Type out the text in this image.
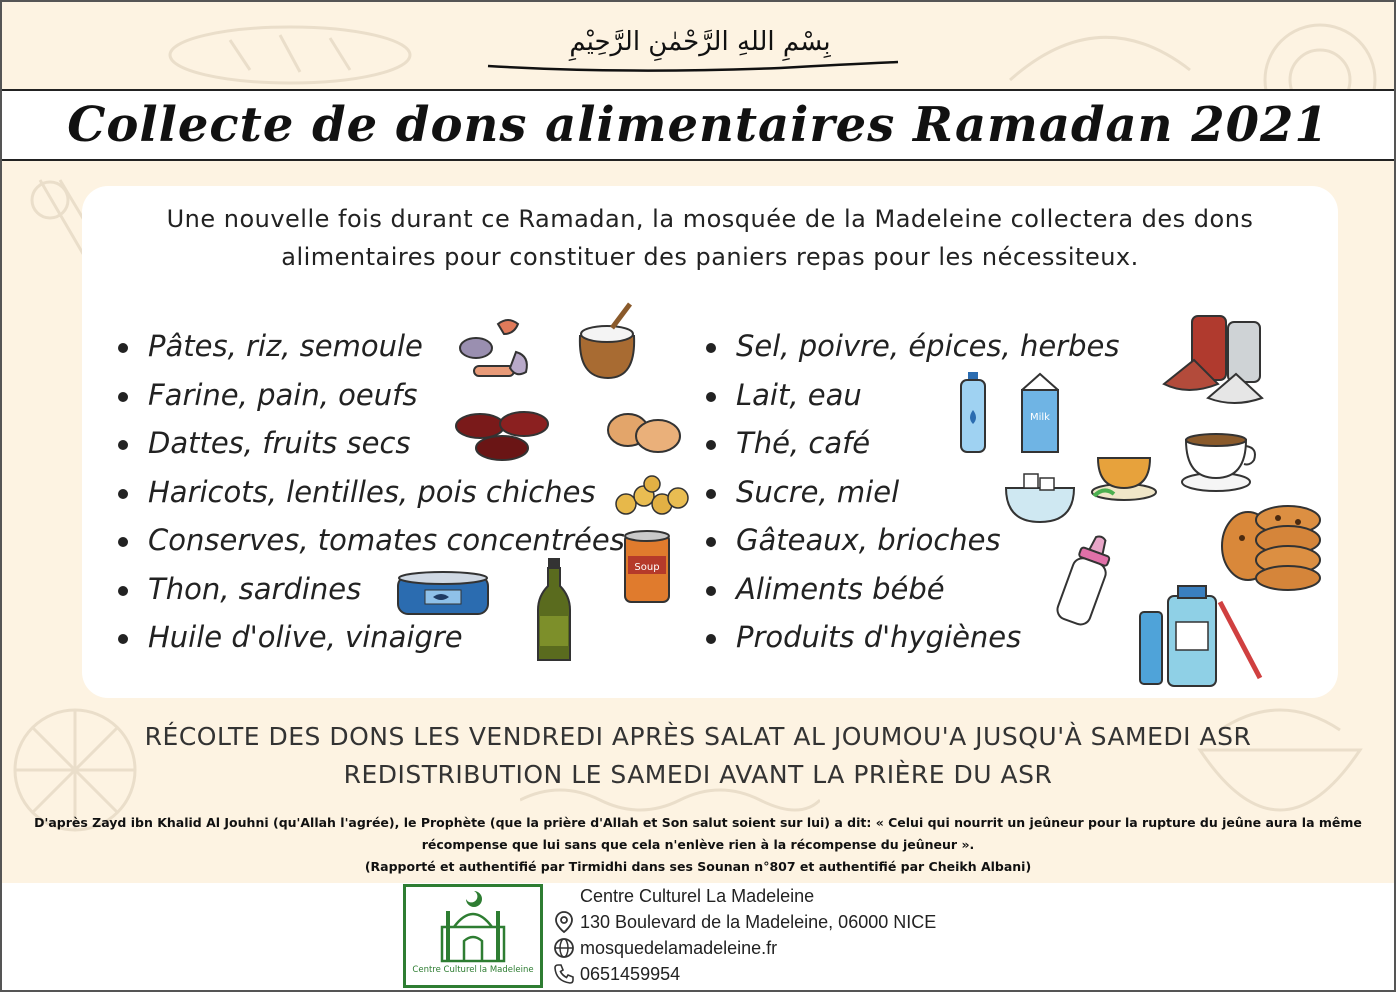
بِسْمِ اللهِ الرَّحْمٰنِ الرَّحِيْمِ
Collecte de dons alimentaires Ramadan 2021

Une nouvelle fois durant ce Ramadan, la mosquée de la Madeleine collectera des dons
alimentaires pour constituer des paniers repas pour les nécessiteux.

Pâtes, riz, semoule
Farine, pain, oeufs
Dattes, fruits secs
Haricots, lentilles, pois chiches
Conserves, tomates concentrées
Thon, sardines
Huile d'olive, vinaigre
Sel, poivre, épices, herbes
Lait, eau
Thé, café
Sucre, miel
Gâteaux, brioches
Aliments bébé
Produits d'hygiènes
Soup
Milk
RÉCOLTE DES DONS LES VENDREDI APRÈS SALAT AL JOUMOU'A JUSQU'À SAMEDI ASR
REDISTRIBUTION LE SAMEDI AVANT LA PRIÈRE DU ASR
D'après Zayd ibn Khalid Al Jouhni (qu'Allah l'agrée), le Prophète (que la prière d'Allah et Son salut soient sur lui) a dit: « Celui qui nourrit un jeûneur pour la rupture du jeûne aura la même
récompense que lui sans que cela n'enlève rien à la récompense du jeûneur ».
(Rapporté et authentifié par Tirmidhi dans ses Sounan n°807 et authentifié par Cheikh Albani)
Centre Culturel la Madeleine
Centre Culturel La Madeleine
130 Boulevard de la Madeleine, 06000 NICE
mosquedelamadeleine.fr
0651459954
